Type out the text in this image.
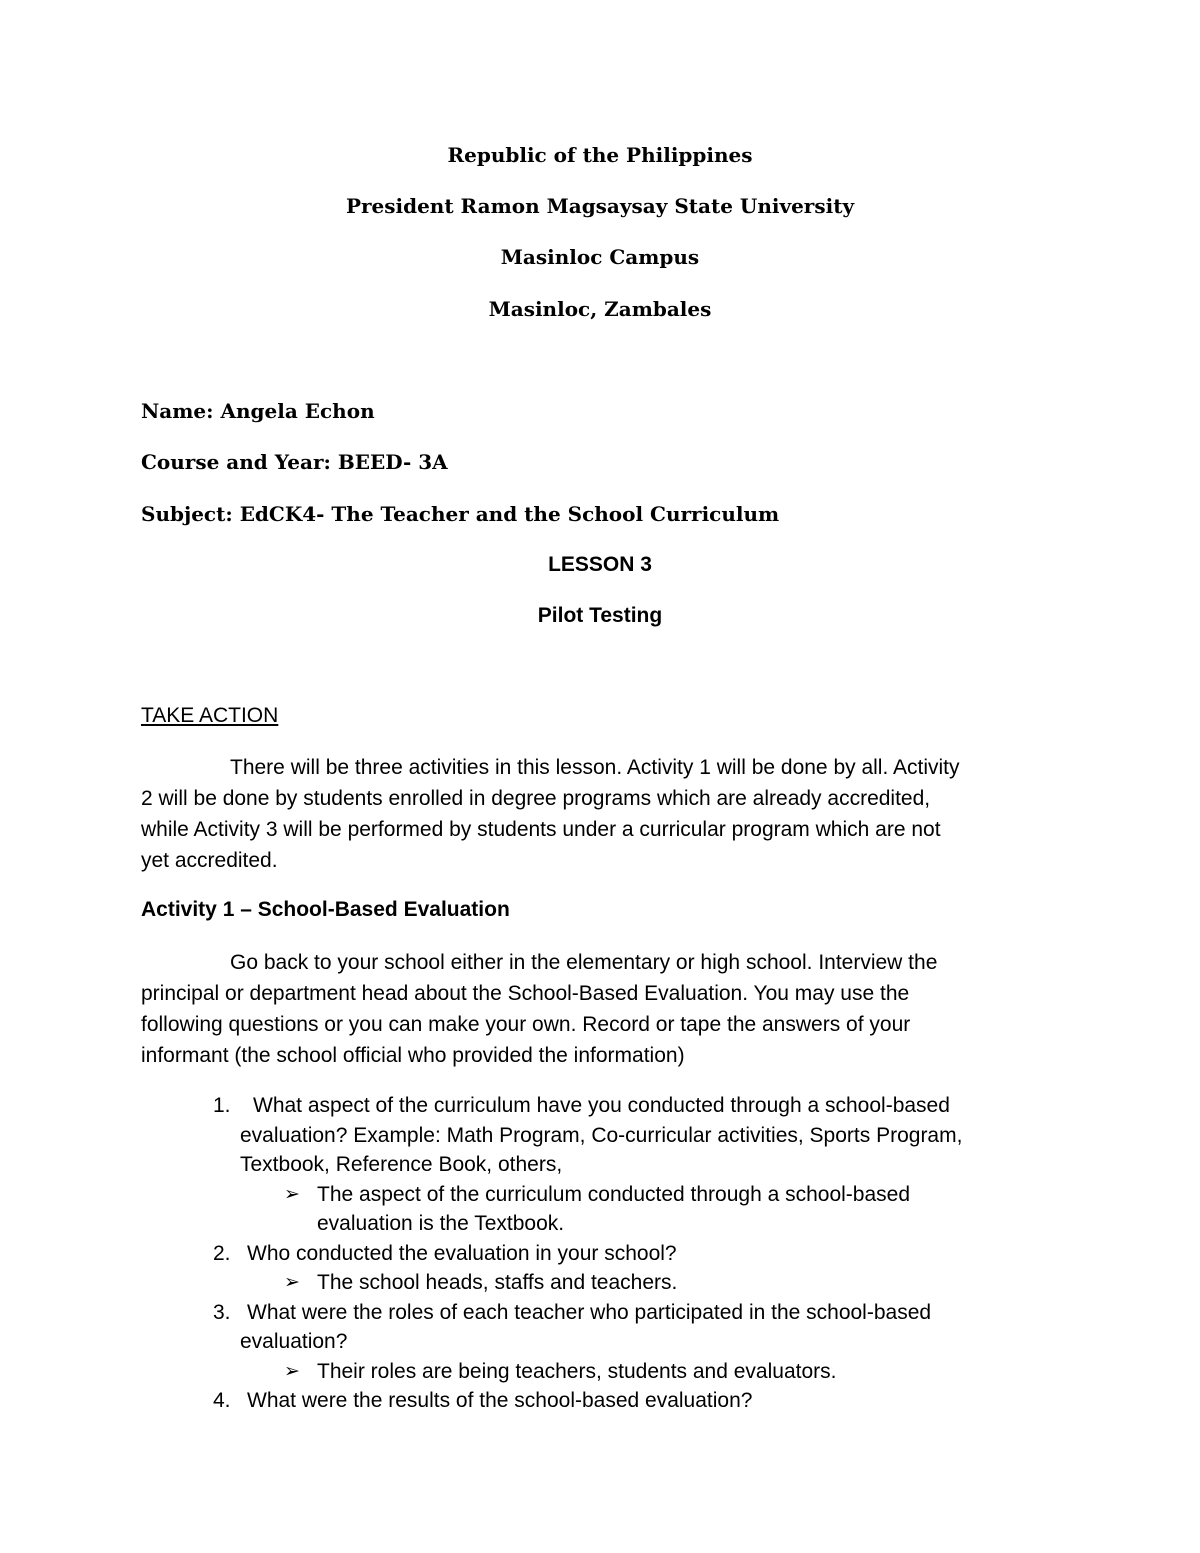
Republic of the Philippines
President Ramon Magsaysay State University
Masinloc Campus
Masinloc, Zambales
Name: Angela Echon
Course and Year: BEED- 3A
Subject: EdCK4- The Teacher and the School Curriculum
LESSON 3
Pilot Testing
TAKE ACTION
There will be three activities in this lesson. Activity 1 will be done by all. Activity
2 will be done by students enrolled in degree programs which are already accredited,
while Activity 3 will be performed by students under a curricular program which are not
yet accredited.
Activity 1 – School-Based Evaluation
Go back to your school either in the elementary or high school. Interview the
principal or department head about the School-Based Evaluation. You may use the
following questions or you can make your own. Record or tape the answers of your
informant (the school official who provided the information)
1. What aspect of the curriculum have you conducted through a school-based
evaluation? Example: Math Program, Co-curricular activities, Sports Program,
Textbook, Reference Book, others,
➢ The aspect of the curriculum conducted through a school-based
evaluation is the Textbook.
2. Who conducted the evaluation in your school?
➢ The school heads, staffs and teachers.
3. What were the roles of each teacher who participated in the school-based
evaluation?
➢ Their roles are being teachers, students and evaluators.
4. What were the results of the school-based evaluation?
